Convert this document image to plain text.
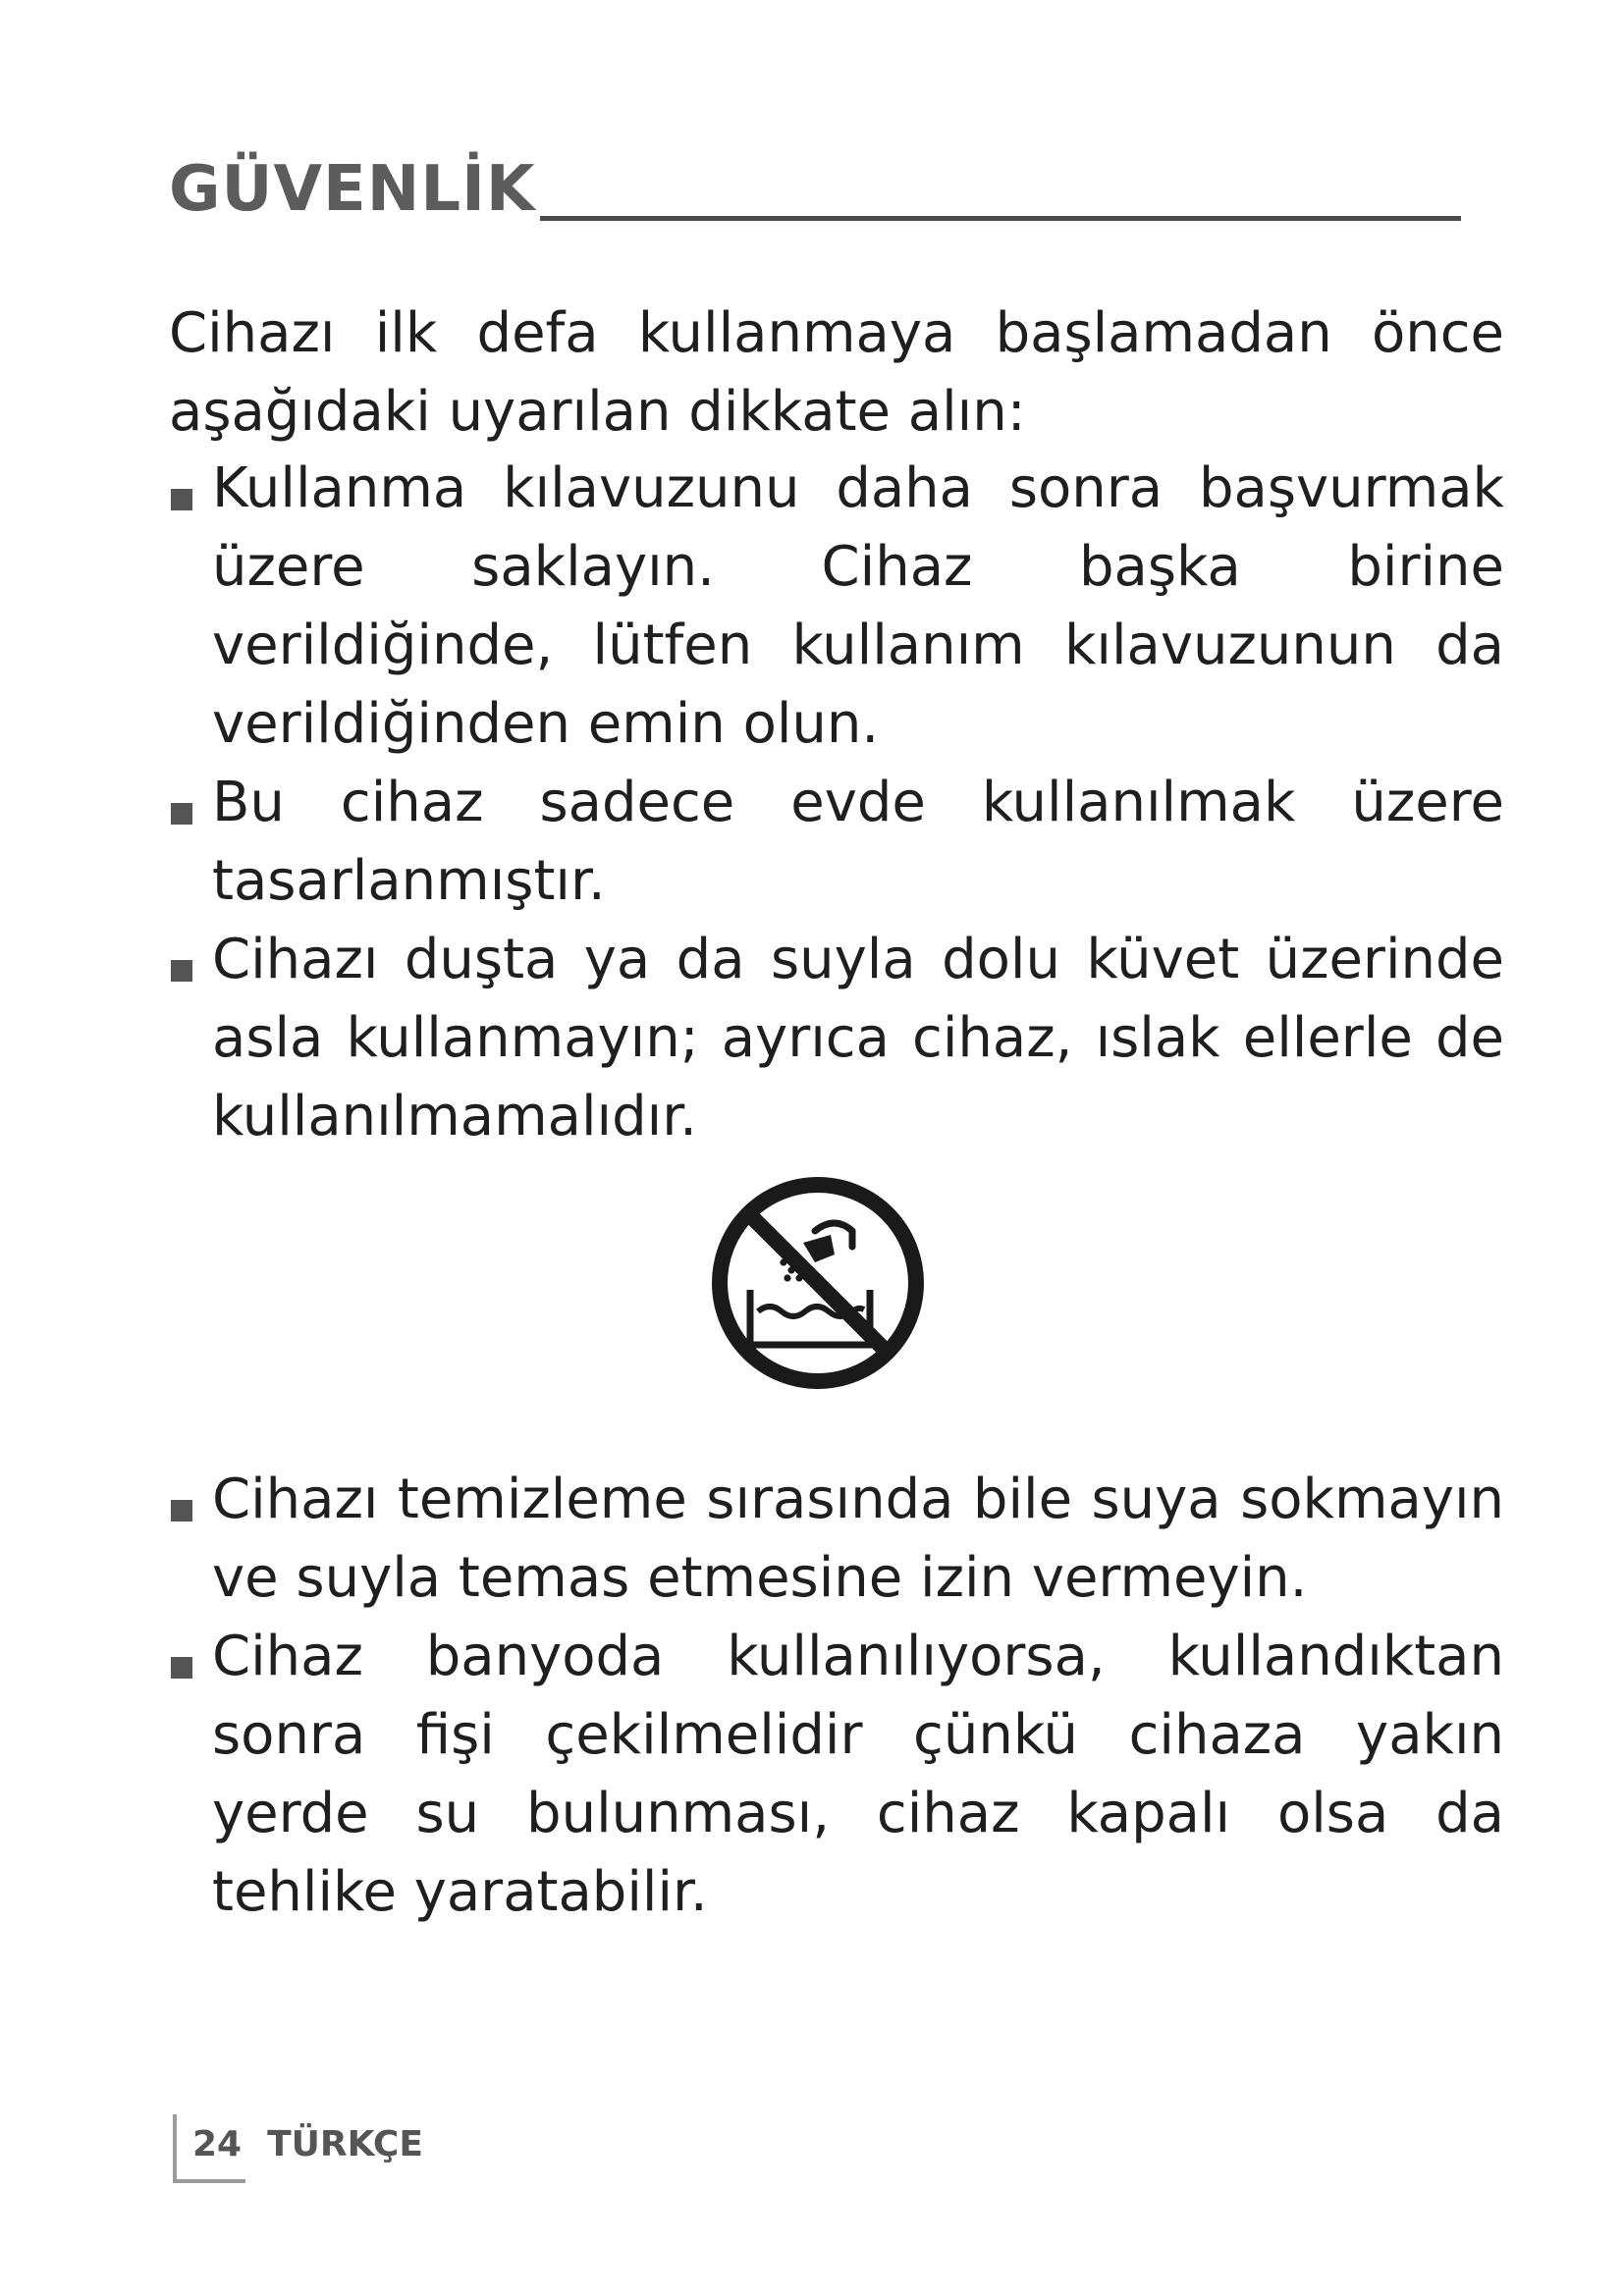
GÜVENLİK

Cihazı ilk defa kullanmaya başlamadan önce aşağıdaki uyarılan dikkate alın:

Kullanma kılavuzunu daha sonra başvurmak üzere saklayın. Cihaz başka birine verildiğinde, lütfen kullanım kılavuzunun da verildiğinden emin olun.
Bu cihaz sadece evde kullanılmak üzere tasarlanmıştır.
Cihazı duşta ya da suyla dolu küvet üzerinde asla kullanmayın; ayrıca cihaz, ıslak ellerle de kullanılmamalıdır.
Cihazı temizleme sırasında bile suya sokmayın ve suyla temas etmesine izin vermeyin.
Cihaz banyoda kullanılıyorsa, kullandıktan sonra fişi çekilmelidir çünkü cihaza yakın yerde su bulunması, cihaz kapalı olsa da tehlike yaratabilir.
24 TÜRKÇE
